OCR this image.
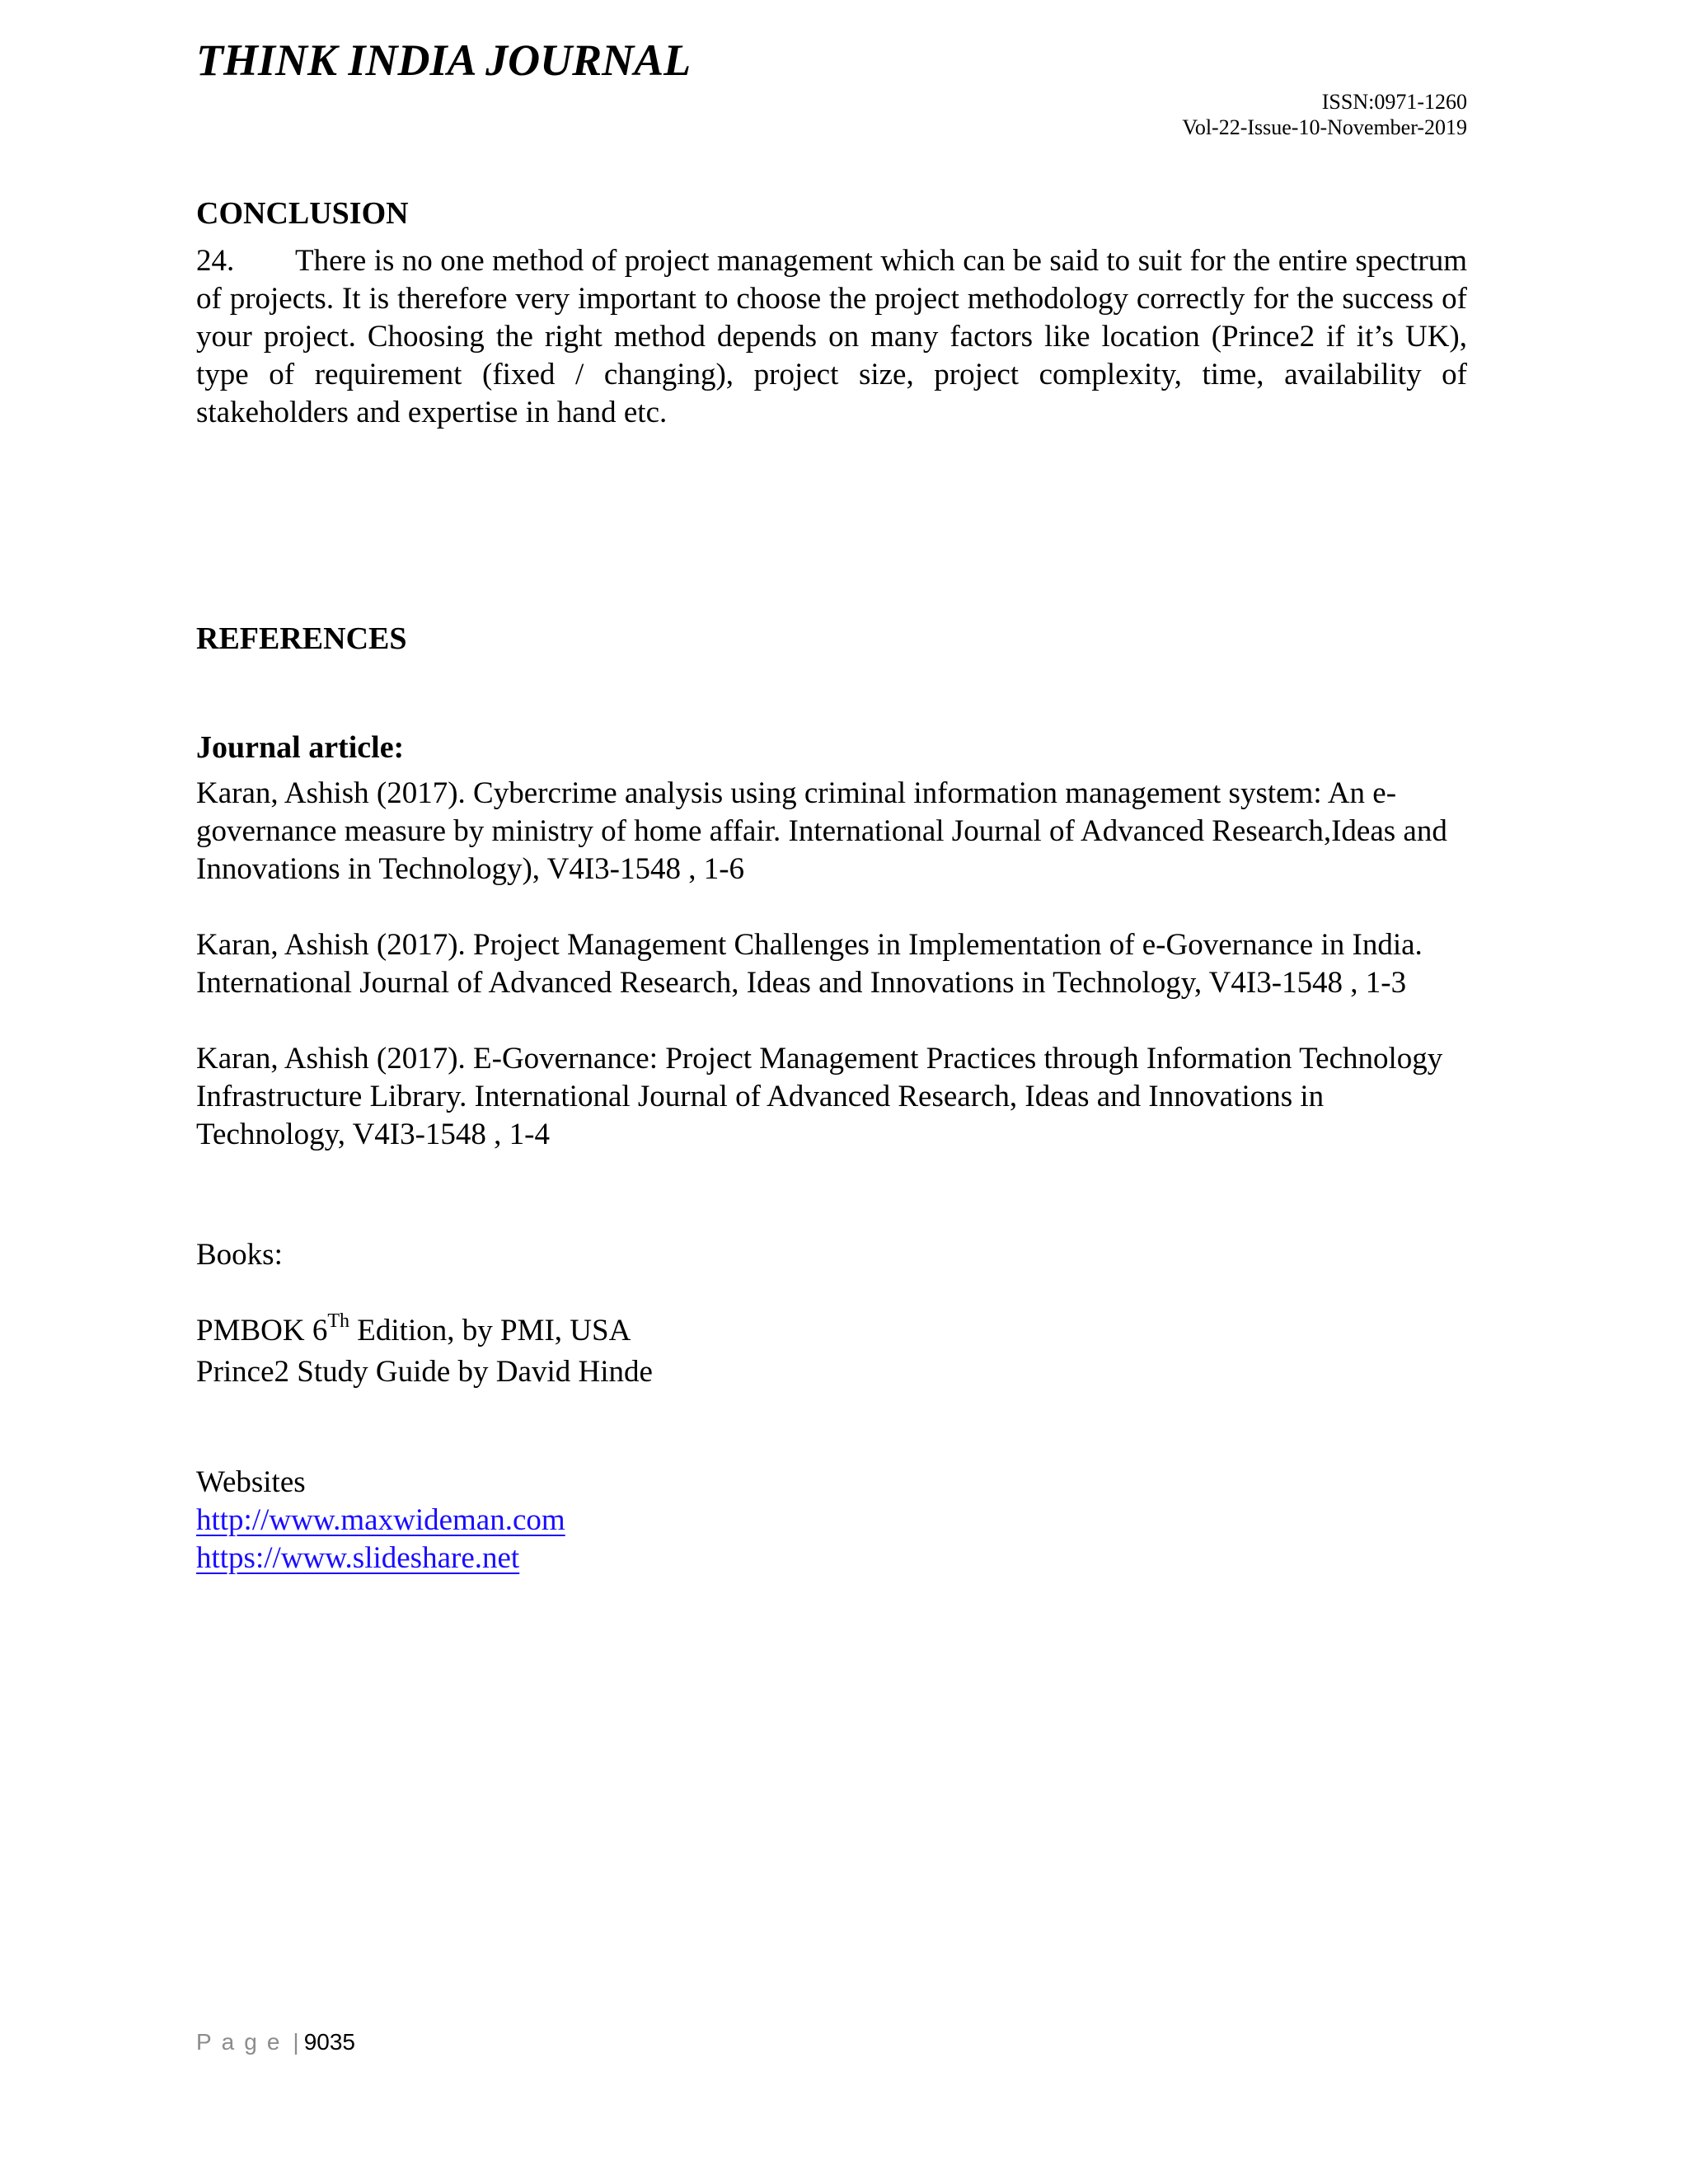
THINK INDIA JOURNAL
ISSN:0971-1260
Vol-22-Issue-10-November-2019
CONCLUSION
24. There is no one method of project management which can be said to suit for the entire spectrum of projects. It is therefore very important to choose the project methodology correctly for the success of your project. Choosing the right method depends on many factors like location (Prince2 if it’s UK), type of requirement (fixed / changing), project size, project complexity, time, availability of stakeholders and expertise in hand etc.
REFERENCES
Journal article:

Karan, Ashish (2017). Cybercrime analysis using criminal information management system: An e-governance measure by ministry of home affair. International Journal of Advanced Research,Ideas and Innovations in Technology), V4I3-1548 , 1-6

Karan, Ashish (2017). Project Management Challenges in Implementation of e-Governance in India. International Journal of Advanced Research, Ideas and Innovations in Technology, V4I3-1548 , 1-3

Karan, Ashish (2017). E-Governance: Project Management Practices through Information Technology Infrastructure Library. International Journal of Advanced Research, Ideas and Innovations in Technology, V4I3-1548 , 1-4

Books:
PMBOK 6Th Edition, by PMI, USA
Prince2 Study Guide by David Hinde
Websites
http://www.maxwideman.com
https://www.slideshare.net
Page | 9035
